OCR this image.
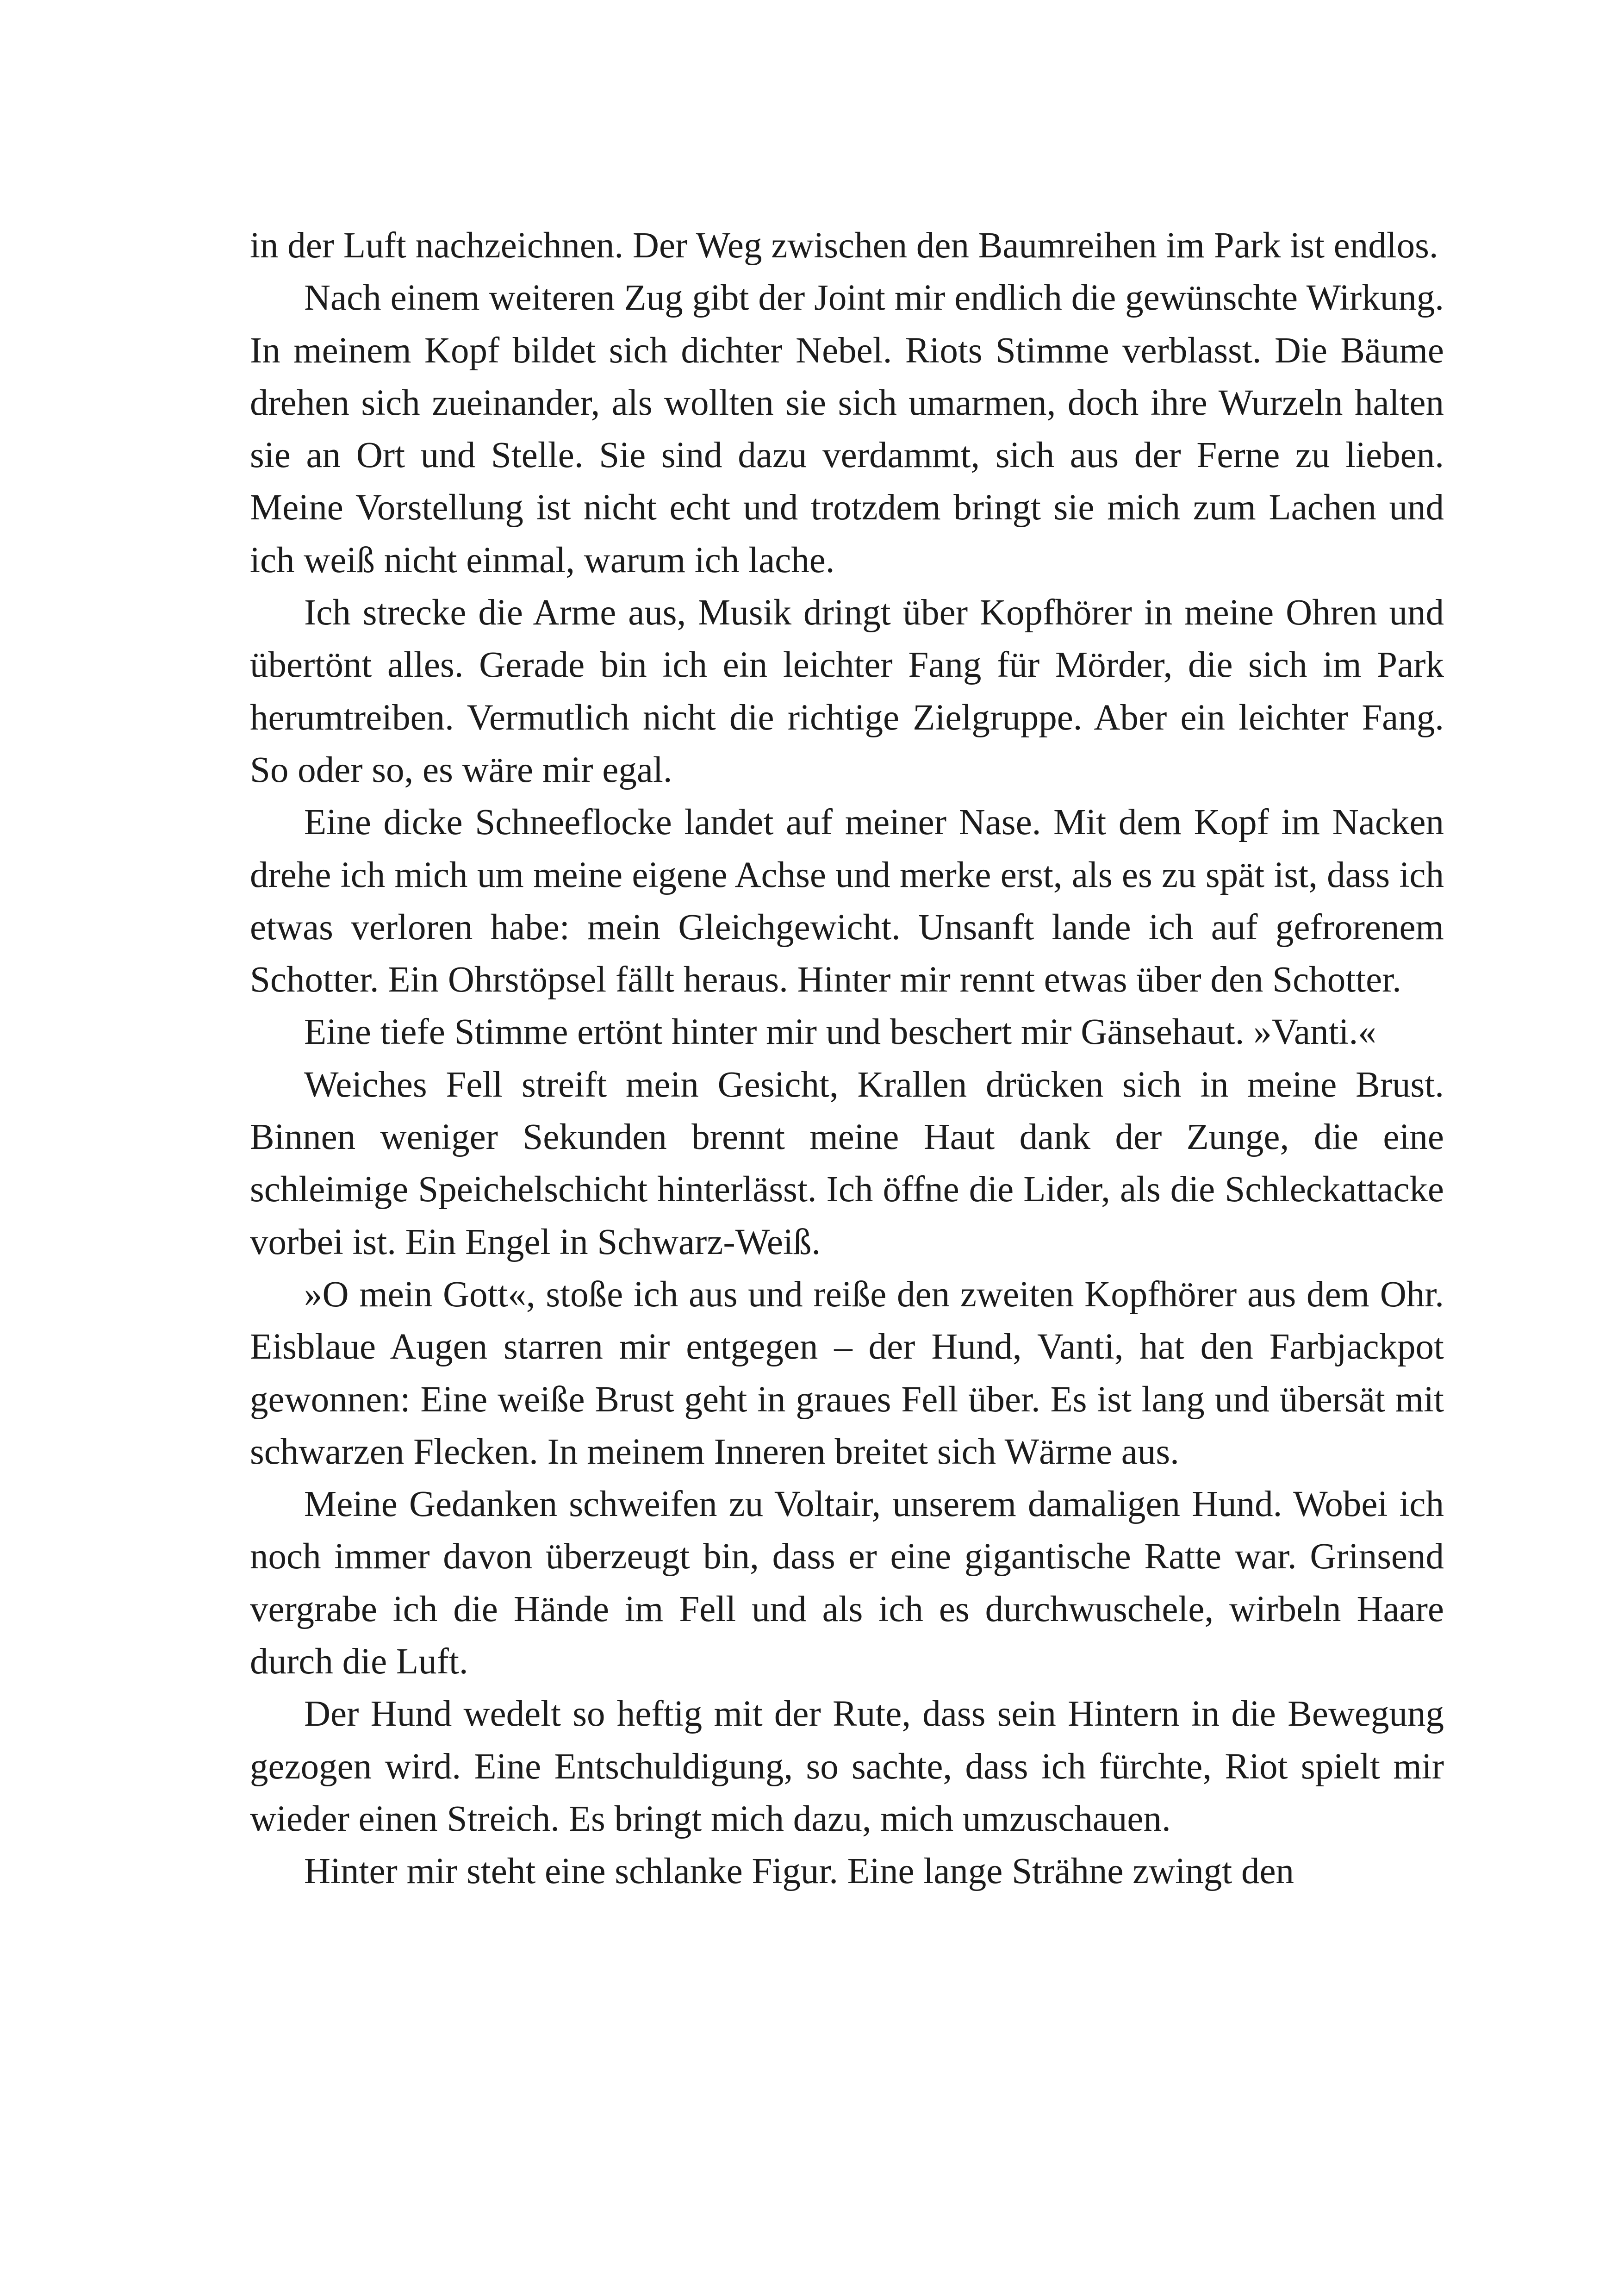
in der Luft nachzeichnen. Der Weg zwischen den Baumreihen im Park ist endlos.

Nach einem weiteren Zug gibt der Joint mir endlich die gewünschte Wirkung. In meinem Kopf bildet sich dichter Nebel. Riots Stimme verblasst. Die Bäume drehen sich zueinander, als wollten sie sich umarmen, doch ihre Wurzeln halten sie an Ort und Stelle. Sie sind dazu verdammt, sich aus der Ferne zu lieben. Meine Vorstellung ist nicht echt und trotzdem bringt sie mich zum Lachen und ich weiß nicht einmal, warum ich lache.

Ich strecke die Arme aus, Musik dringt über Kopfhörer in meine Ohren und übertönt alles. Gerade bin ich ein leichter Fang für Mörder, die sich im Park herumtreiben. Vermutlich nicht die richtige Zielgruppe. Aber ein leichter Fang. So oder so, es wäre mir egal.

Eine dicke Schneeflocke landet auf meiner Nase. Mit dem Kopf im Nacken drehe ich mich um meine eigene Achse und merke erst, als es zu spät ist, dass ich etwas verloren habe: mein Gleichgewicht. Unsanft lande ich auf gefrorenem Schotter. Ein Ohrstöpsel fällt heraus. Hinter mir rennt etwas über den Schotter.

Eine tiefe Stimme ertönt hinter mir und beschert mir Gänsehaut. »Vanti.«

Weiches Fell streift mein Gesicht, Krallen drücken sich in meine Brust. Binnen weniger Sekunden brennt meine Haut dank der Zunge, die eine schleimige Speichelschicht hinterlässt. Ich öffne die Lider, als die Schleckattacke vorbei ist. Ein Engel in Schwarz-Weiß.

»O mein Gott«, stoße ich aus und reiße den zweiten Kopfhörer aus dem Ohr. Eisblaue Augen starren mir entgegen – der Hund, Vanti, hat den Farbjackpot gewonnen: Eine weiße Brust geht in graues Fell über. Es ist lang und übersät mit schwarzen Flecken. In meinem Inneren breitet sich Wärme aus.

Meine Gedanken schweifen zu Voltair, unserem damaligen Hund. Wobei ich noch immer davon überzeugt bin, dass er eine gigantische Ratte war. Grinsend vergrabe ich die Hände im Fell und als ich es durchwuschele, wirbeln Haare durch die Luft.

Der Hund wedelt so heftig mit der Rute, dass sein Hintern in die Bewegung gezogen wird. Eine Entschuldigung, so sachte, dass ich fürchte, Riot spielt mir wieder einen Streich. Es bringt mich dazu, mich umzuschauen.

Hinter mir steht eine schlanke Figur. Eine lange Strähne zwingt den
